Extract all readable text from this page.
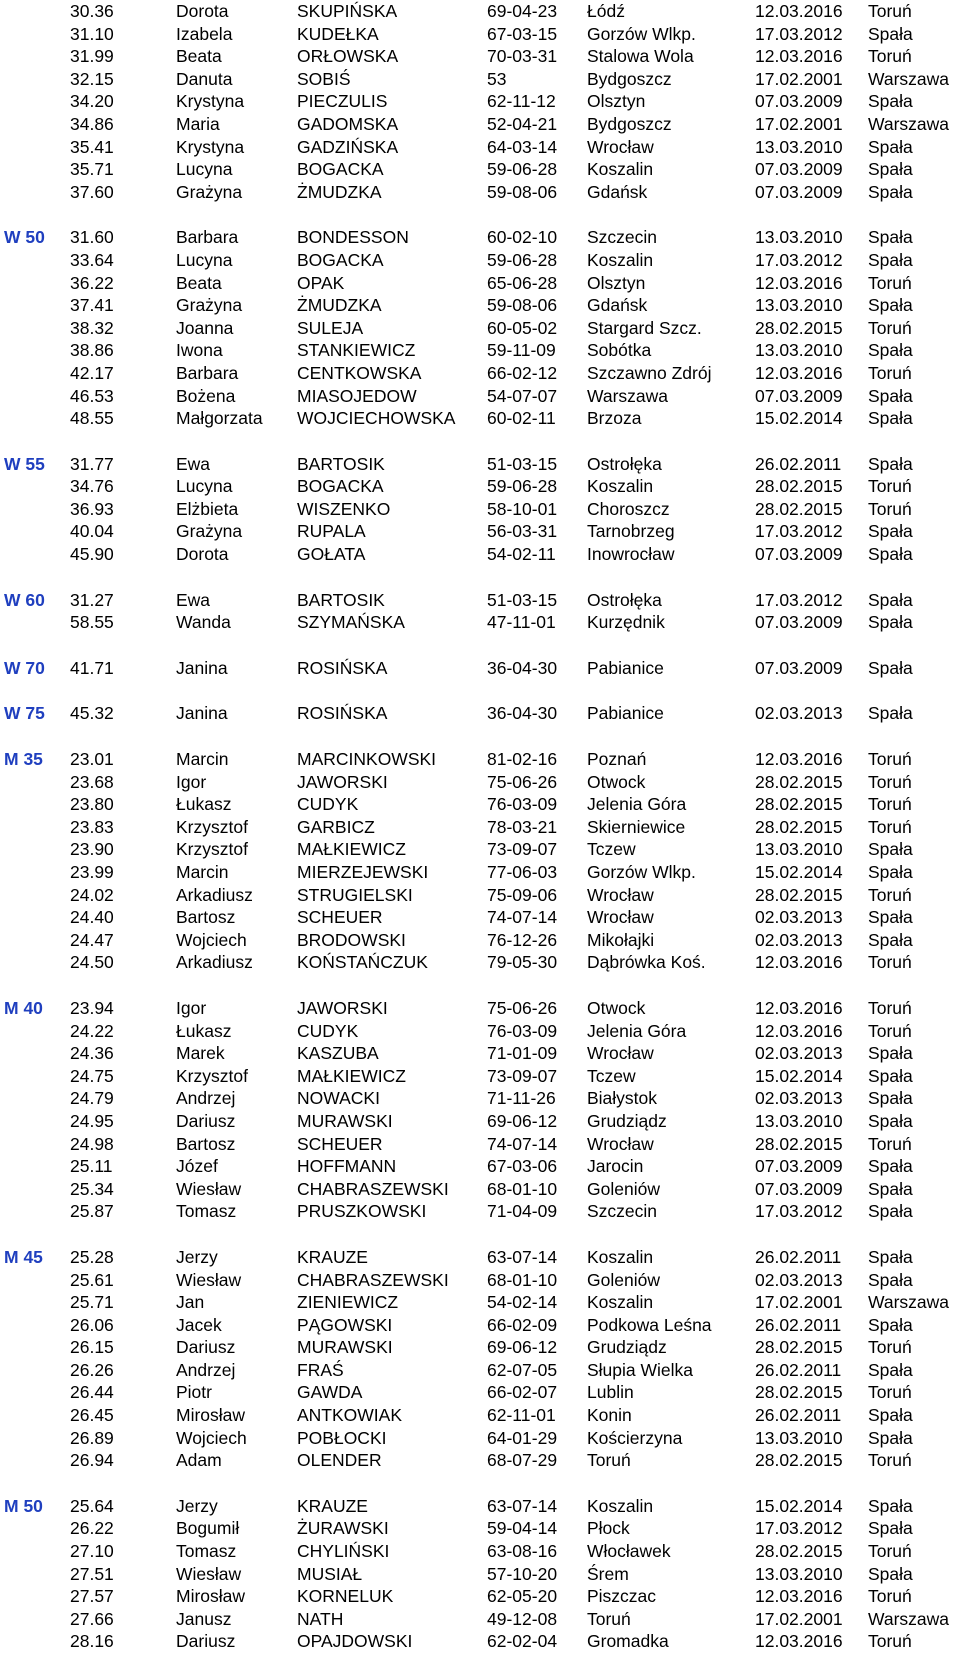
30.36	Dorota	SKUPIŃSKA	69-04-23 Łódź	12.03.2016 Toruń
31.10	Izabela	KUDEŁKA	67-03-15 Gorzów Wlkp.	17.03.2012 Spała
31.99	Beata	ORŁOWSKA	70-03-31 Stalowa Wola	12.03.2016 Toruń
32.15	Danuta	SOBIŚ	53	Bydgoszcz	17.02.2001 Warszawa
34.20	Krystyna	PIECZULIS	62-11-12 Olsztyn	07.03.2009 Spała
34.86	Maria	GADOMSKA	52-04-21 Bydgoszcz	17.02.2001 Warszawa
35.41	Krystyna	GADZIŃSKA	64-03-14 Wrocław	13.03.2010 Spała
35.71	Lucyna	BOGACKA	59-06-28 Koszalin	07.03.2009 Spała
37.60	Grażyna	ŻMUDZKA	59-08-06 Gdańsk	07.03.2009 Spała
W 50 31.60	Barbara	BONDESSON	60-02-10 Szczecin	13.03.2010 Spała
33.64	Lucyna	BOGACKA	59-06-28 Koszalin	17.03.2012 Spała
36.22	Beata	OPAK	65-06-28 Olsztyn	12.03.2016 Toruń
37.41	Grażyna	ŻMUDZKA	59-08-06 Gdańsk	13.03.2010 Spała
38.32	Joanna	SULEJA	60-05-02 Stargard Szcz.	28.02.2015 Toruń
38.86	Iwona	STANKIEWICZ	59-11-09 Sobótka	13.03.2010 Spała
42.17	Barbara	CENTKOWSKA	66-02-12 Szczawno Zdrój 12.03.2016 Toruń
46.53	Bożena	MIASOJEDOW	54-07-07 Warszawa	07.03.2009 Spała
48.55	Małgorzata WOJCIECHOWSKA 60-02-11 Brzoza	15.02.2014 Spała
W 55 31.77	Ewa	BARTOSIK	51-03-15 Ostrołęka	26.02.2011 Spała
34.76	Lucyna	BOGACKA	59-06-28 Koszalin	28.02.2015 Toruń
36.93	Elżbieta	WISZENKO	58-10-01 Choroszcz	28.02.2015 Toruń
40.04	Grażyna	RUPALA	56-03-31 Tarnobrzeg	17.03.2012 Spała
45.90	Dorota	GOŁATA	54-02-11 Inowrocław	07.03.2009 Spała
W 60 31.27	Ewa	BARTOSIK	51-03-15 Ostrołęka	17.03.2012 Spała
58.55	Wanda	SZYMAŃSKA	47-11-01 Kurzędnik	07.03.2009 Spała
W 70 41.71	Janina	ROSIŃSKA	36-04-30 Pabianice	07.03.2009 Spała
W 75 45.32	Janina	ROSIŃSKA	36-04-30 Pabianice	02.03.2013 Spała
M 35 23.01	Marcin	MARCINKOWSKI	81-02-16 Poznań	12.03.2016 Toruń
23.68	Igor	JAWORSKI	75-06-26 Otwock	28.02.2015 Toruń
23.80	Łukasz	CUDYK	76-03-09 Jelenia Góra	28.02.2015 Toruń
23.83	Krzysztof	GARBICZ	78-03-21 Skierniewice	28.02.2015 Toruń
23.90	Krzysztof	MAŁKIEWICZ	73-09-07 Tczew	13.03.2010 Spała
23.99	Marcin	MIERZEJEWSKI	77-06-03 Gorzów Wlkp.	15.02.2014 Spała
24.02	Arkadiusz	STRUGIELSKI	75-09-06 Wrocław	28.02.2015 Toruń
24.40	Bartosz	SCHEUER	74-07-14 Wrocław	02.03.2013 Spała
24.47	Wojciech	BRODOWSKI	76-12-26 Mikołajki	02.03.2013 Spała
24.50	Arkadiusz	KOŃSTAŃCZUK	79-05-30 Dąbrówka Koś.	12.03.2016 Toruń
M 40 23.94	Igor	JAWORSKI	75-06-26 Otwock	12.03.2016 Toruń
24.22	Łukasz	CUDYK	76-03-09 Jelenia Góra	12.03.2016 Toruń
24.36	Marek	KASZUBA	71-01-09 Wrocław	02.03.2013 Spała
24.75	Krzysztof	MAŁKIEWICZ	73-09-07 Tczew	15.02.2014 Spała
24.79	Andrzej	NOWACKI	71-11-26 Białystok	02.03.2013 Spała
24.95	Dariusz	MURAWSKI	69-06-12 Grudziądz	13.03.2010 Spała
24.98	Bartosz	SCHEUER	74-07-14 Wrocław	28.02.2015 Toruń
25.11	Józef	HOFFMANN	67-03-06 Jarocin	07.03.2009 Spała
25.34	Wiesław	CHABRASZEWSKI 68-01-10 Goleniów	07.03.2009 Spała
25.87	Tomasz	PRUSZKOWSKI	71-04-09 Szczecin	17.03.2012 Spała
M 45 25.28	Jerzy	KRAUZE	63-07-14 Koszalin	26.02.2011 Spała
25.61	Wiesław	CHABRASZEWSKI 68-01-10 Goleniów	02.03.2013 Spała
25.71	Jan	ZIENIEWICZ	54-02-14 Koszalin	17.02.2001 Warszawa
26.06	Jacek	PĄGOWSKI	66-02-09 Podkowa Leśna 26.02.2011 Spała
26.15	Dariusz	MURAWSKI	69-06-12 Grudziądz	28.02.2015 Toruń
26.26	Andrzej	FRAŚ	62-07-05 Słupia Wielka	26.02.2011 Spała
26.44	Piotr	GAWDA	66-02-07 Lublin	28.02.2015 Toruń
26.45	Mirosław	ANTKOWIAK	62-11-01 Konin	26.02.2011 Spała
26.89	Wojciech	POBŁOCKI	64-01-29 Kościerzyna	13.03.2010 Spała
26.94	Adam	OLENDER	68-07-29 Toruń	28.02.2015 Toruń
M 50 25.64	Jerzy	KRAUZE	63-07-14 Koszalin	15.02.2014 Spała
26.22	Bogumił	ŻURAWSKI	59-04-14 Płock	17.03.2012 Spała
27.10	Tomasz	CHYLIŃSKI	63-08-16 Włocławek	28.02.2015 Toruń
27.51	Wiesław	MUSIAŁ	57-10-20 Śrem	13.03.2010 Spała
27.57	Mirosław	KORNELUK	62-05-20 Piszczac	12.03.2016 Toruń
27.66	Janusz	NATH	49-12-08 Toruń	17.02.2001 Warszawa
28.16	Dariusz	OPAJDOWSKI	62-02-04 Gromadka	12.03.2016 Toruń
